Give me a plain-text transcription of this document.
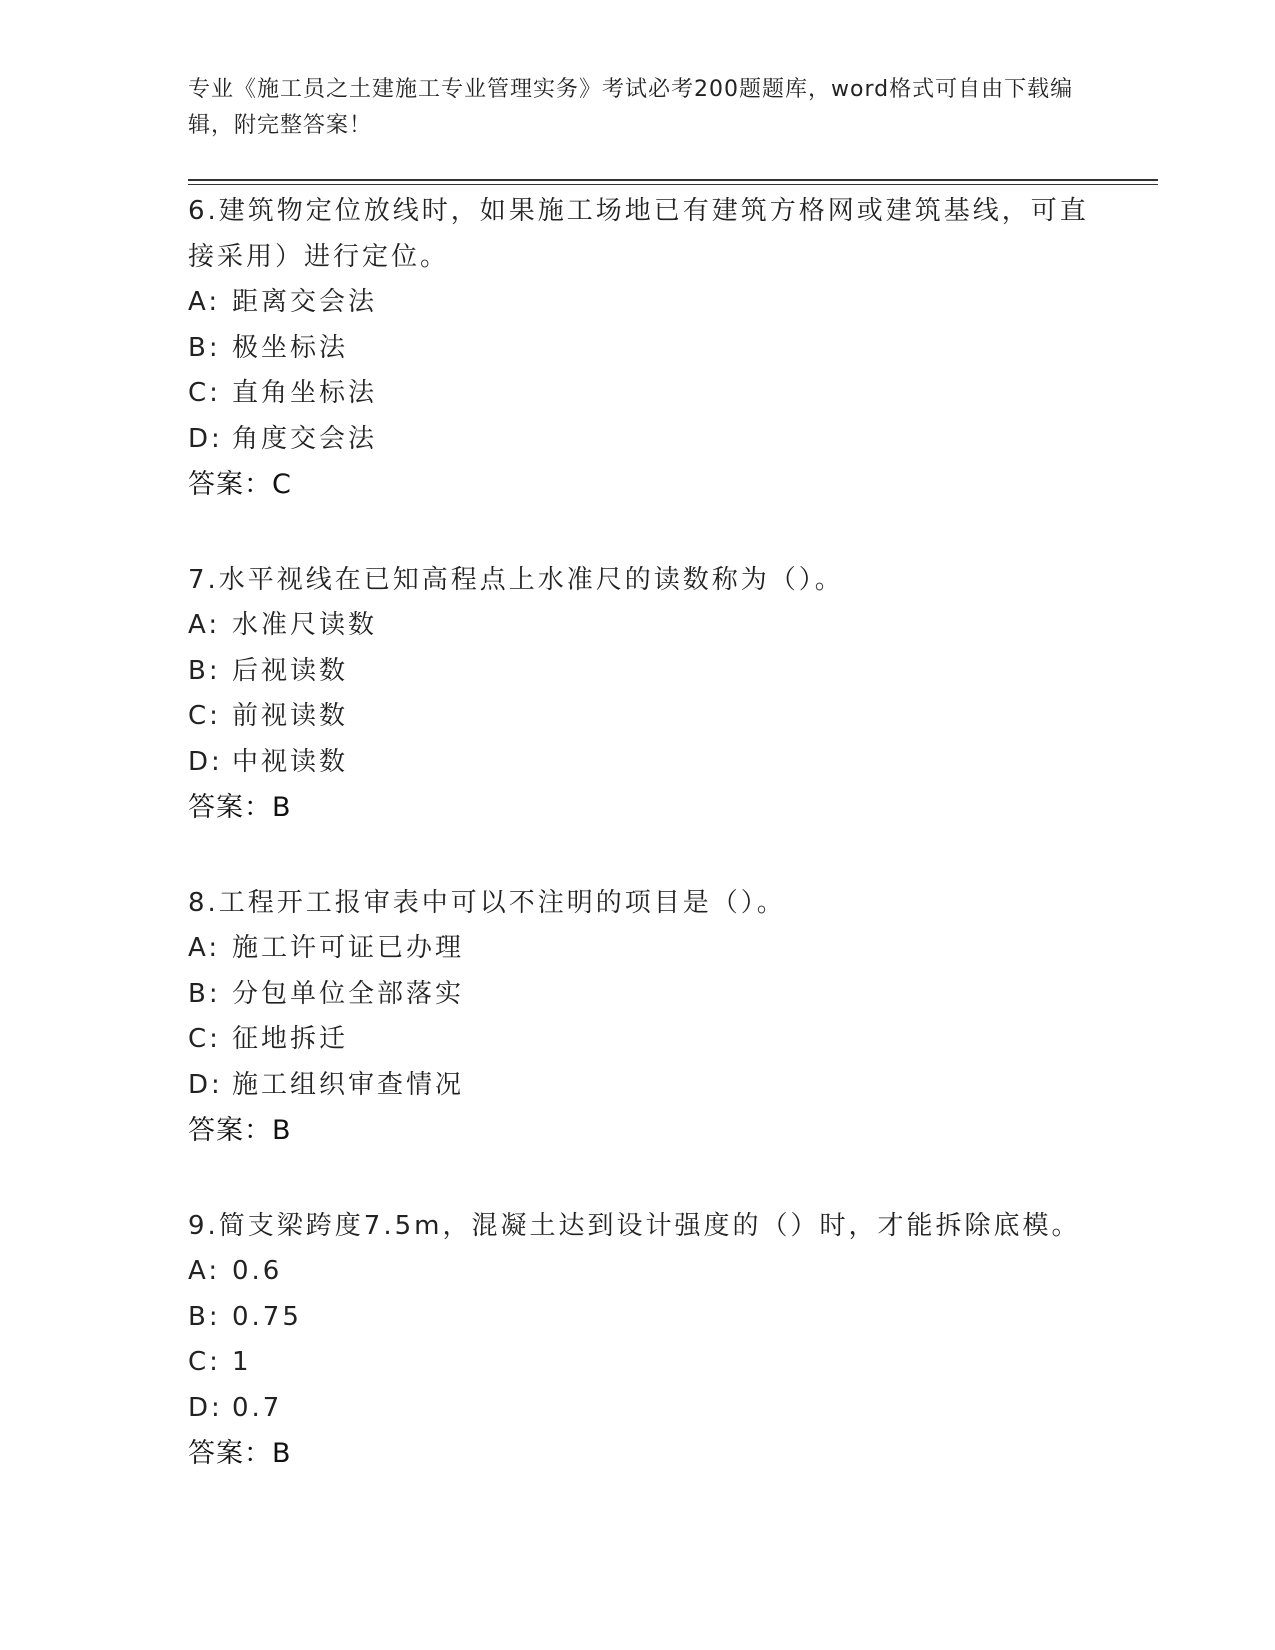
专业《施工员之土建施工专业管理实务》考试必考200题题库，word格式可自由下载编辑，附完整答案！
6.建筑物定位放线时，如果施工场地已有建筑方格网或建筑基线，可直接采用）进行定位。
A: 距离交会法
B: 极坐标法
C: 直角坐标法
D: 角度交会法
答案：C
7.水平视线在已知高程点上水准尺的读数称为（）。
A: 水准尺读数
B: 后视读数
C: 前视读数
D: 中视读数
答案：B
8.工程开工报审表中可以不注明的项目是（）。
A: 施工许可证已办理
B: 分包单位全部落实
C: 征地拆迁
D: 施工组织审查情况
答案：B
9.简支梁跨度7.5m，混凝土达到设计强度的（）时，才能拆除底模。
A: 0.6
B: 0.75
C: 1
D: 0.7
答案：B
